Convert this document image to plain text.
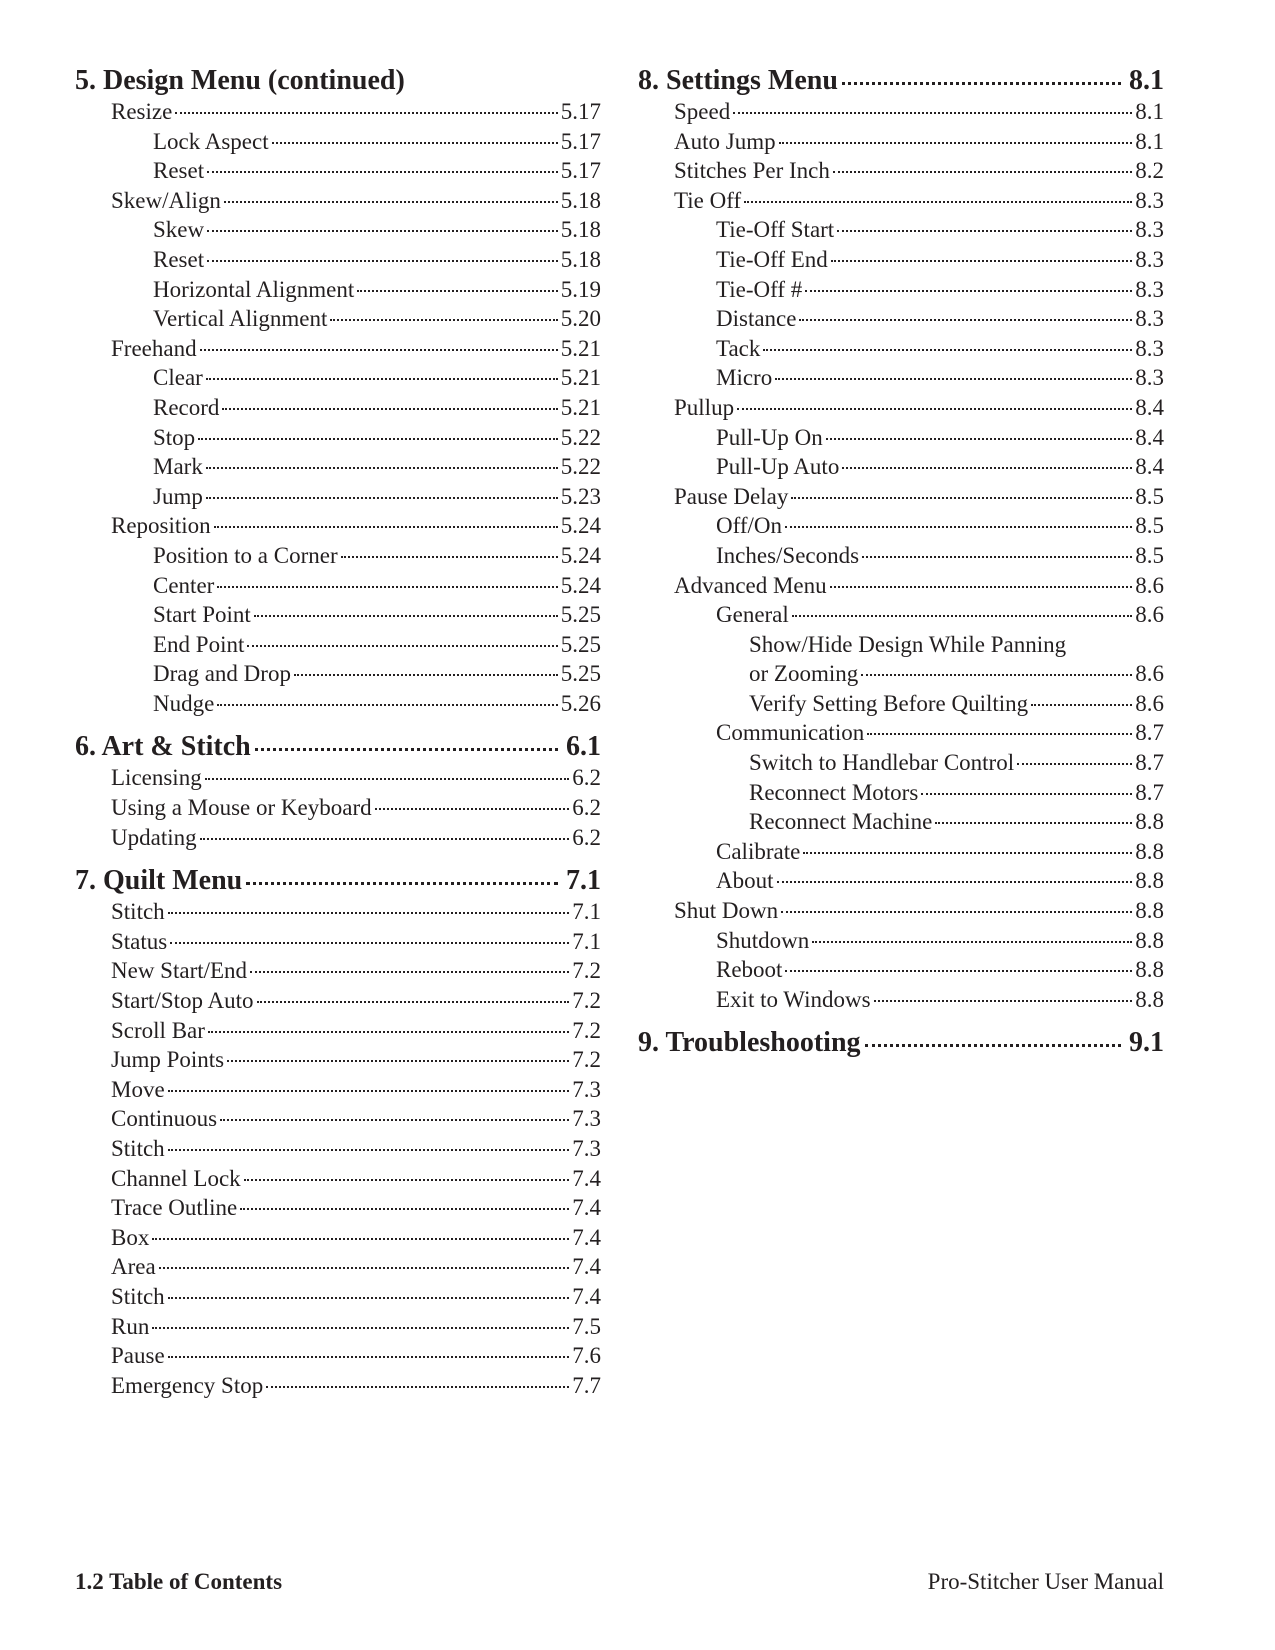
5. Design Menu (continued)
Resize	5.17
Lock Aspect	5.17
Reset	5.17
Skew/Align	5.18
Skew	5.18
Reset	5.18
Horizontal Alignment	5.19
Vertical Alignment	5.20
Freehand	5.21
Clear	5.21
Record	5.21
Stop	5.22
Mark	5.22
Jump	5.23
Reposition	5.24
Position to a Corner	5.24
Center	5.24
Start Point	5.25
End Point	5.25
Drag and Drop	5.25
Nudge	5.26
6. Art & Stitch	6.1
Licensing	6.2
Using a Mouse or Keyboard	6.2
Updating	6.2
7. Quilt Menu	7.1
Stitch	7.1
Status	7.1
New Start/End	7.2
Start/Stop Auto	7.2
Scroll Bar	7.2
Jump Points	7.2
Move	7.3
Continuous	7.3
Stitch	7.3
Channel Lock	7.4
Trace Outline	7.4
Box	7.4
Area	7.4
Stitch	7.4
Run	7.5
Pause	7.6
Emergency Stop	7.7
8. Settings Menu	8.1
Speed	8.1
Auto Jump	8.1
Stitches Per Inch	8.2
Tie Off	8.3
Tie-Off Start	8.3
Tie-Off End	8.3
Tie-Off #	8.3
Distance	8.3
Tack	8.3
Micro	8.3
Pullup	8.4
Pull-Up On	8.4
Pull-Up Auto	8.4
Pause Delay	8.5
Off/On	8.5
Inches/Seconds	8.5
Advanced Menu	8.6
General	8.6
Show/Hide Design While Panning
or Zooming	8.6
Verify Setting Before Quilting	8.6
Communication	8.7
Switch to Handlebar Control	8.7
Reconnect Motors	8.7
Reconnect Machine	8.8
Calibrate	8.8
About	8.8
Shut Down	8.8
Shutdown	8.8
Reboot	8.8
Exit to Windows	8.8
9. Troubleshooting	9.1
1.2 Table of Contents	Pro-Stitcher User Manual
